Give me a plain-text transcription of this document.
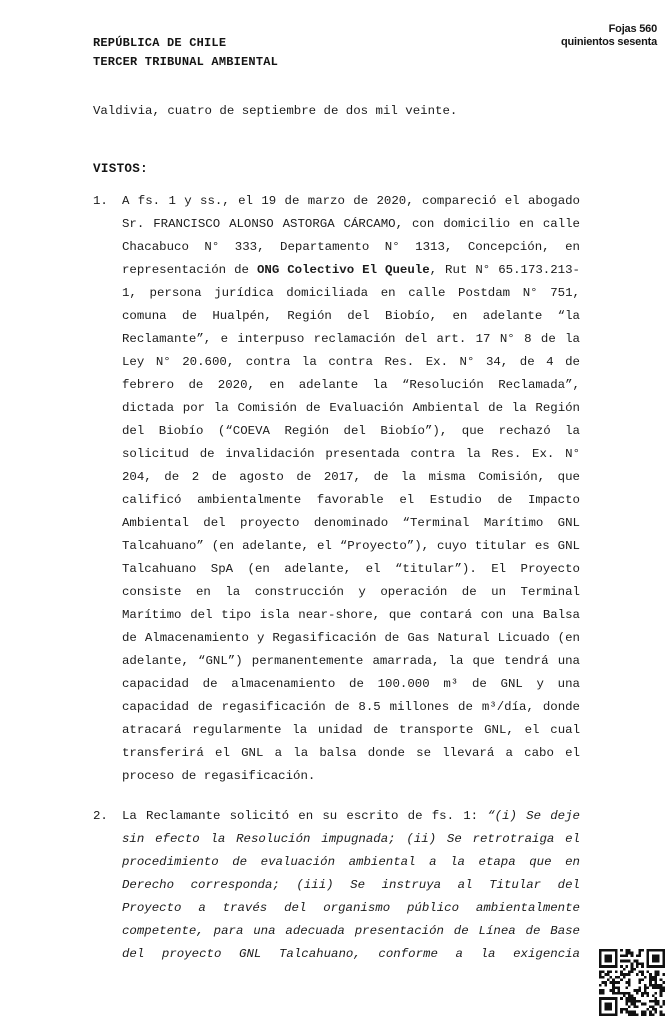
Fojas 560
quinientos sesenta
REPÚBLICA DE CHILE
TERCER TRIBUNAL AMBIENTAL
Valdivia, cuatro de septiembre de dos mil veinte.
VISTOS:
1.	A fs. 1 y ss., el 19 de marzo de 2020, compareció el abogado Sr. FRANCISCO ALONSO ASTORGA CÁRCAMO, con domicilio en calle Chacabuco N° 333, Departamento N° 1313, Concepción, en representación de ONG Colectivo El Queule, Rut N° 65.173.213-1, persona jurídica domiciliada en calle Postdam N° 751, comuna de Hualpén, Región del Biobío, en adelante “la Reclamante”, e interpuso reclamación del art. 17 N° 8 de la Ley N° 20.600, contra la contra Res. Ex. N° 34, de 4 de febrero de 2020, en adelante la “Resolución Reclamada”, dictada por la Comisión de Evaluación Ambiental de la Región del Biobío (“COEVA Región del Biobío”), que rechazó la solicitud de invalidación presentada contra la Res. Ex. N° 204, de 2 de agosto de 2017, de la misma Comisión, que calificó ambientalmente favorable el Estudio de Impacto Ambiental del proyecto denominado “Terminal Marítimo GNL Talcahuano” (en adelante, el “Proyecto”), cuyo titular es GNL Talcahuano SpA (en adelante, el “titular”). El Proyecto consiste en la construcción y operación de un Terminal Marítimo del tipo isla near-shore, que contará con una Balsa de Almacenamiento y Regasificación de Gas Natural Licuado (en adelante, “GNL”) permanentemente amarrada, la que tendrá una capacidad de almacenamiento de 100.000 m³ de GNL y una capacidad de regasificación de 8.5 millones de m³/día, donde atracará regularmente la unidad de transporte GNL, el cual transferirá el GNL a la balsa donde se llevará a cabo el proceso de regasificación.
2.	La Reclamante solicitó en su escrito de fs. 1: “(i) Se deje sin efecto la Resolución impugnada; (ii) Se retrotraiga el procedimiento de evaluación ambiental a la etapa que en Derecho corresponda; (iii) Se instruya al Titular del Proyecto a través del organismo público ambientalmente competente, para una adecuada presentación de Línea de Base del proyecto GNL Talcahuano, conforme a la exigencia
